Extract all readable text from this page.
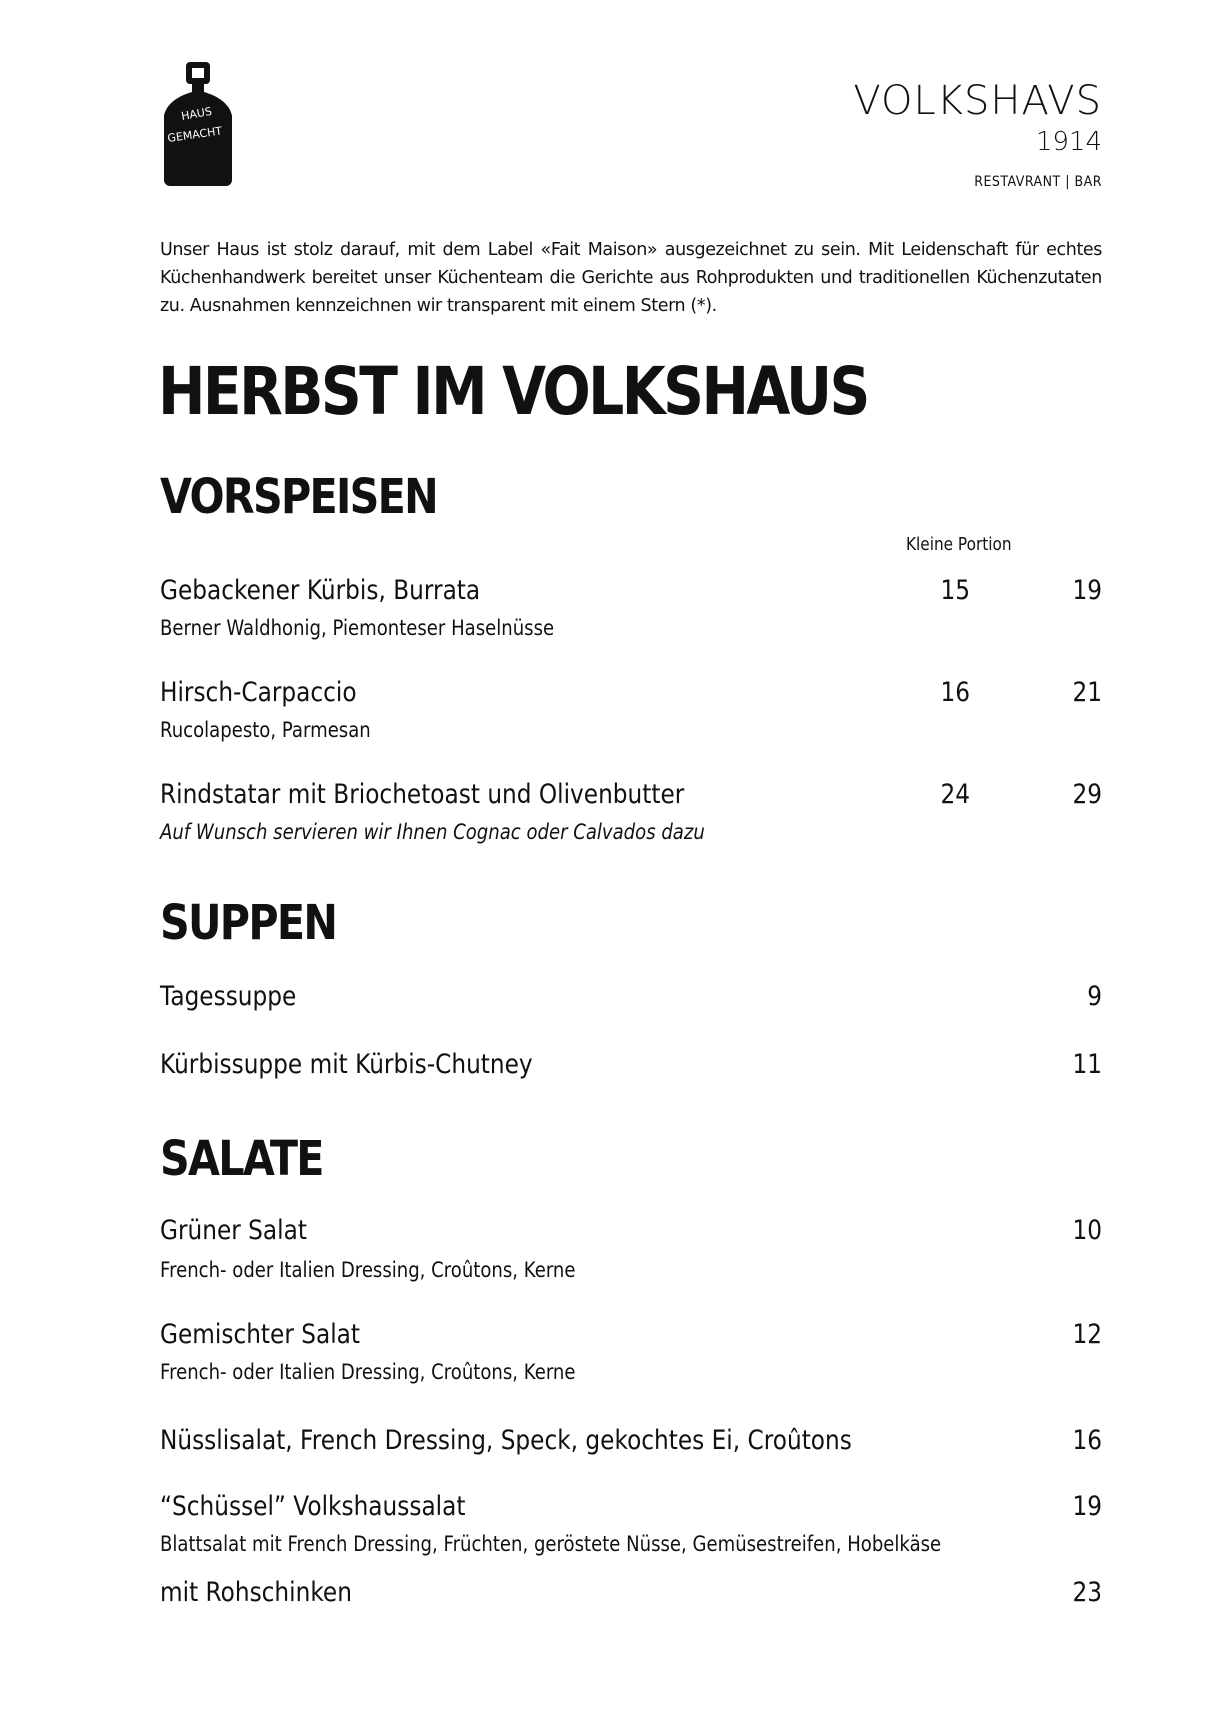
HAUS
GEMACHT
VOLKSHAVS
1914
RESTAVRANT | BAR
Unser Haus ist stolz darauf, mit dem Label «Fait Maison» ausgezeichnet zu sein. Mit Leidenschaft für echtes Küchenhandwerk bereitet unser Küchenteam die Gerichte aus Rohprodukten und traditionellen Küchenzutaten zu. Ausnahmen kennzeichnen wir transparent mit einem Stern (*).
HERBST IM VOLKSHAUS
VORSPEISEN
Kleine Portion
Gebackener Kürbis, Burrata	15	19
Berner Waldhonig, Piemonteser Haselnüsse
Hirsch-Carpaccio	16	21
Rucolapesto, Parmesan
Rindstatar mit Briochetoast und Olivenbutter	24	29
Auf Wunsch servieren wir Ihnen Cognac oder Calvados dazu
SUPPEN
Tagessuppe	9
Kürbissuppe mit Kürbis-Chutney	11
SALATE
Grüner Salat	10
French- oder Italien Dressing, Croûtons, Kerne
Gemischter Salat	12
French- oder Italien Dressing, Croûtons, Kerne
Nüsslisalat, French Dressing, Speck, gekochtes Ei, Croûtons	16
“Schüssel” Volkshaussalat	19
Blattsalat mit French Dressing, Früchten, geröstete Nüsse, Gemüsestreifen, Hobelkäse
mit Rohschinken	23
